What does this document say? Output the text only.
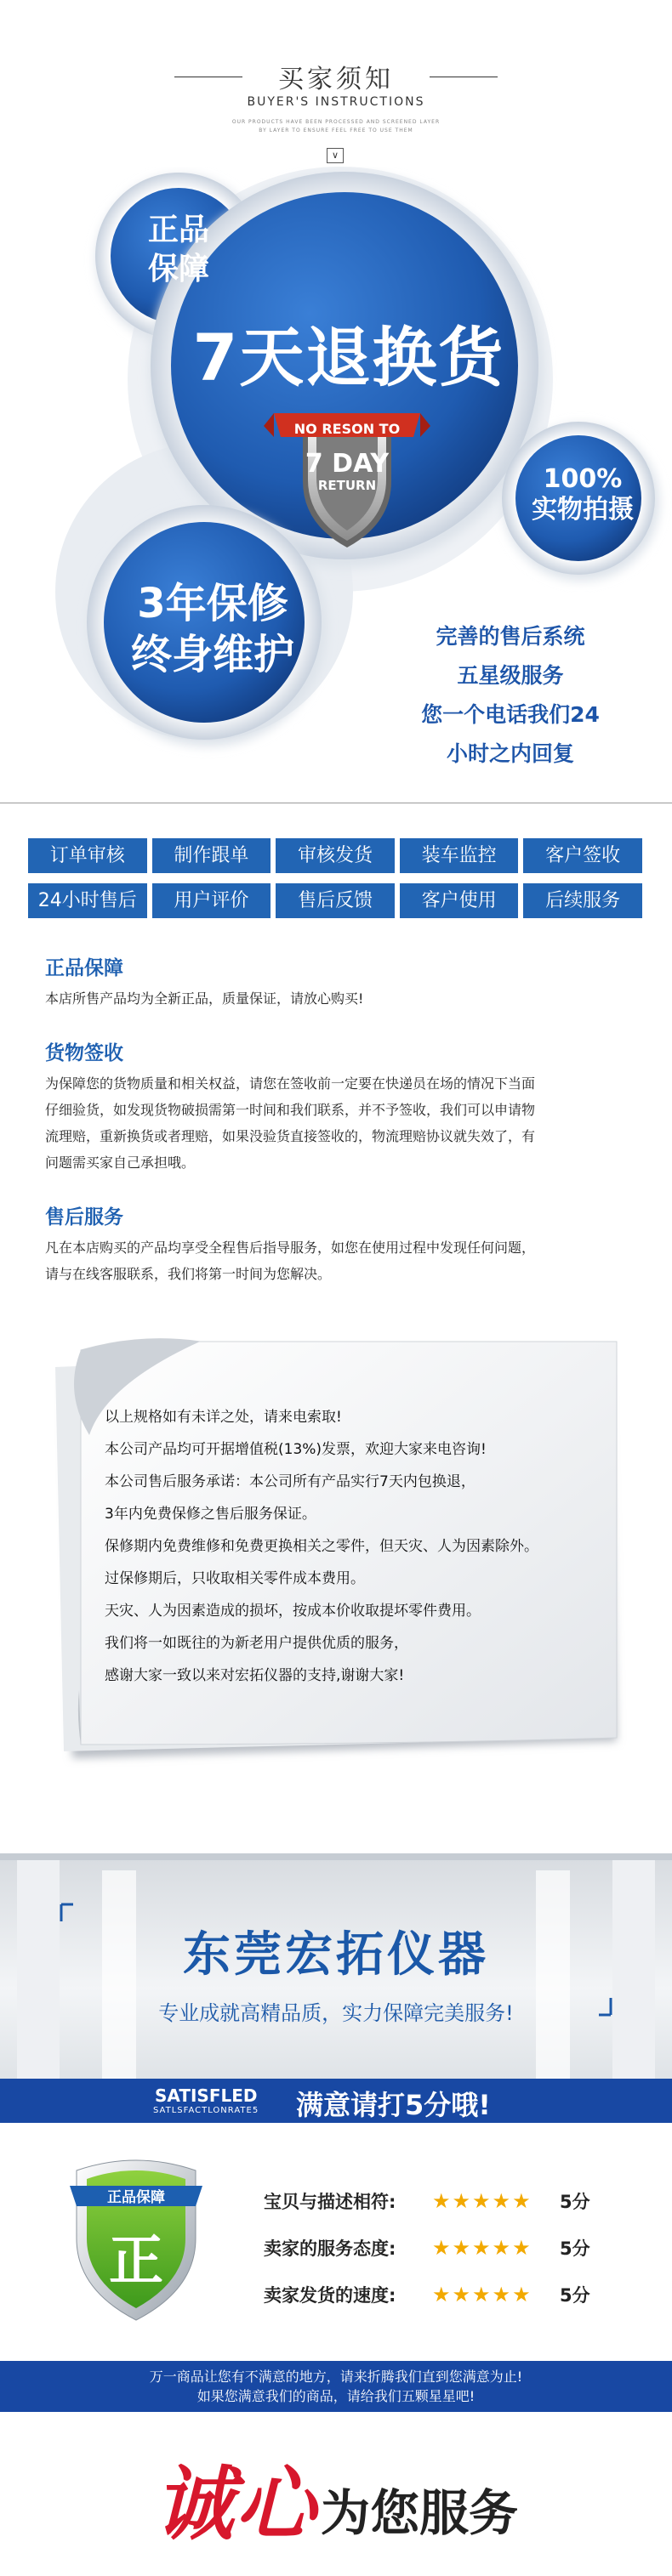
买家须知
BUYER'S INSTRUCTIONS
OUR PRODUCTS HAVE BEEN PROCESSED AND SCREENED LAYER
BY LAYER TO ENSURE FEEL FREE TO USE THEM
∨
正品
保障
7天退换货
NO RESON TO
7 DAY
RETURN	100%
实物拍摄
3年保修
终身维护	完善的售后系统
五星级服务
您一个电话我们24
小时之内回复
订单审核	制作跟单	审核发货	装车监控	客户签收
24小时售后	用户评价	售后反馈	客户使用	后续服务
正品保障

本店所售产品均为全新正品，质量保证，请放心购买!

货物签收

为保障您的货物质量和相关权益，请您在签收前一定要在快递员在场的情况下当面

仔细验货，如发现货物破损需第一时间和我们联系，并不予签收，我们可以申请物

流理赔，重新换货或者理赔，如果没验货直接签收的，物流理赔协议就失效了，有

问题需买家自己承担哦。

售后服务

凡在本店购买的产品均享受全程售后指导服务，如您在使用过程中发现任何问题，

请与在线客服联系，我们将第一时间为您解决。

以上规格如有未详之处，请来电索取!
本公司产品均可开据增值税(13%)发票，欢迎大家来电咨询!
本公司售后服务承诺：本公司所有产品实行7天内包换退，
3年内免费保修之售后服务保证。
保修期内免费维修和免费更换相关之零件，但天灾、人为因素除外。
过保修期后，只收取相关零件成本费用。
天灾、人为因素造成的损坏，按成本价收取提坏零件费用。
我们将一如既往的为新老用户提供优质的服务，
感谢大家一致以来对宏拓仪器的支持,谢谢大家!
东莞宏拓仪器
专业成就高精品质，实力保障完美服务!
SATISFLED
SATLSFACTLONRATE5 满意请打5分哦!
正品保障
正
宝贝与描述相符:	★★★★★	5分
卖家的服务态度:	★★★★★	5分
卖家发货的速度:	★★★★★	5分
万一商品让您有不满意的地方，请来折腾我们直到您满意为止!
如果您满意我们的商品，请给我们五颗星星吧!
诚心为您服务
